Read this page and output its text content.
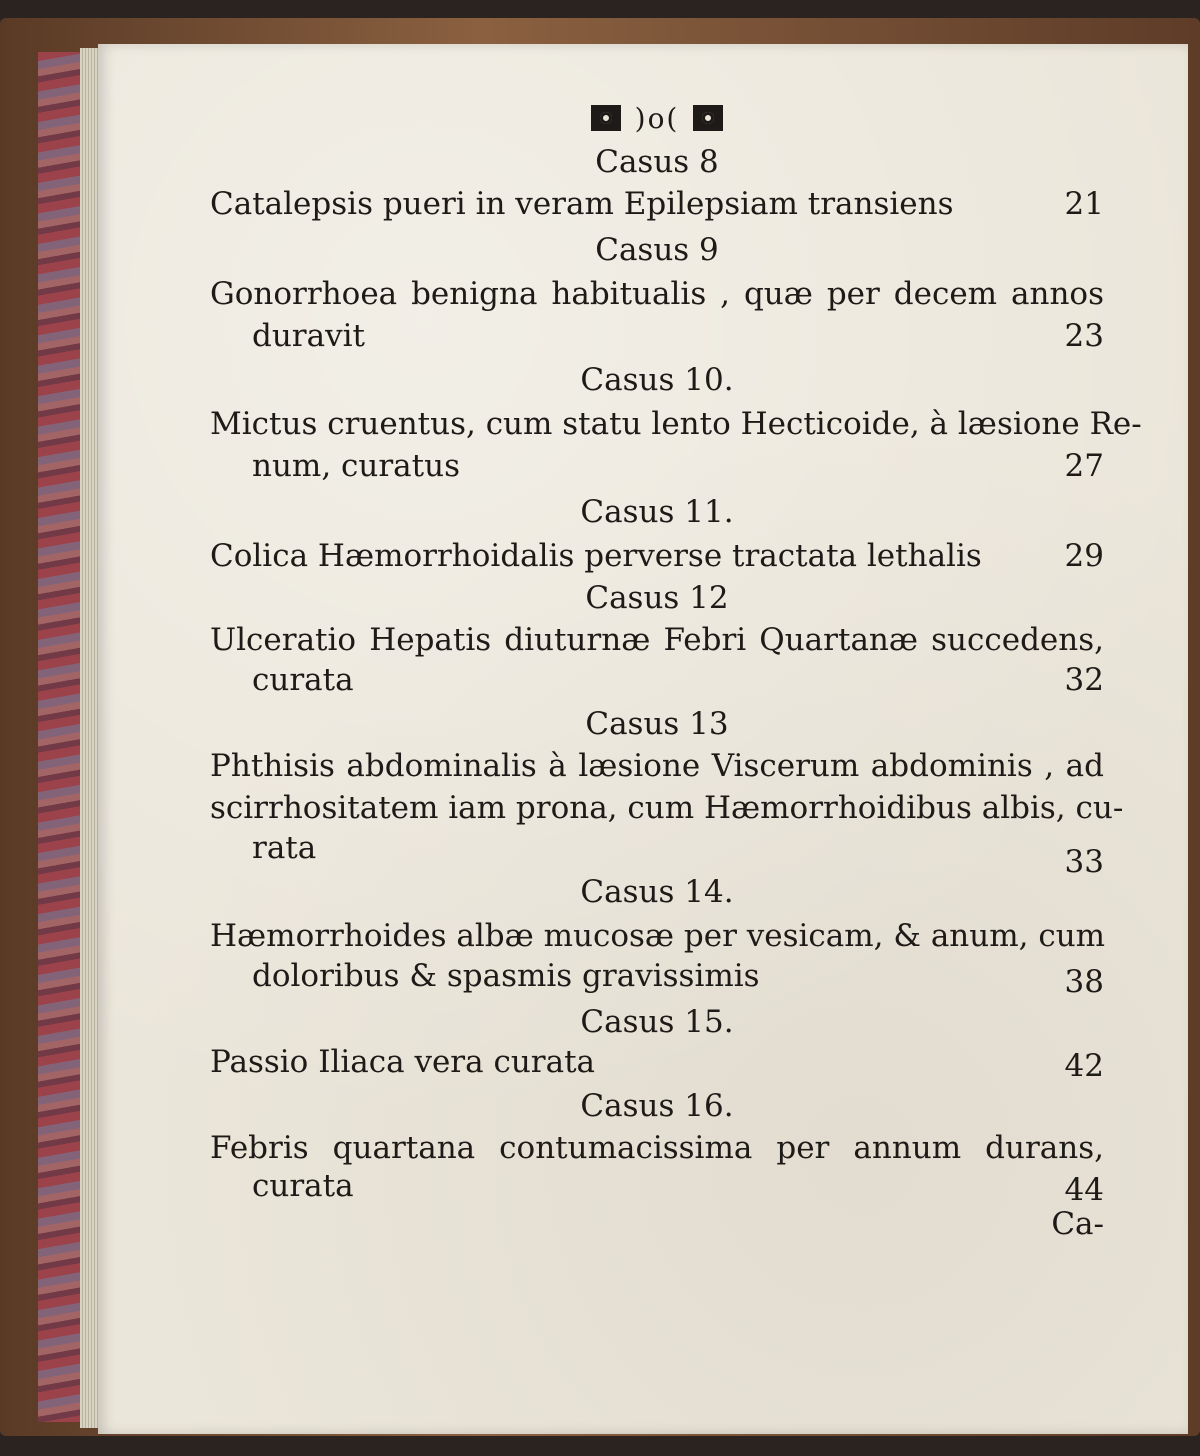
)o(
Casus 8
Catalepsis pueri in veram Epilepsiam transiens	21
Casus 9
Gonorrhoea benigna habitualis , quæ per decem annos
duravit	23
Casus 10.
Mictus cruentus, cum statu lento Hecticoide, à læsione Re-
num, curatus	27
Casus 11.
Colica Hæmorrhoidalis perverse tractata lethalis	29
Casus 12
Ulceratio Hepatis diuturnæ Febri Quartanæ succedens,
curata	32
Casus 13
Phthisis abdominalis à læsione Viscerum abdominis , ad
scirrhositatem iam prona, cum Hæmorrhoidibus albis, cu-
rata	33
Casus 14.
Hæmorrhoides albæ mucosæ per vesicam, & anum, cum
doloribus & spasmis gravissimis	38
Casus 15.
Passio Iliaca vera curata	42
Casus 16.
Febris quartana contumacissima per annum durans,
curata	44
Ca-
